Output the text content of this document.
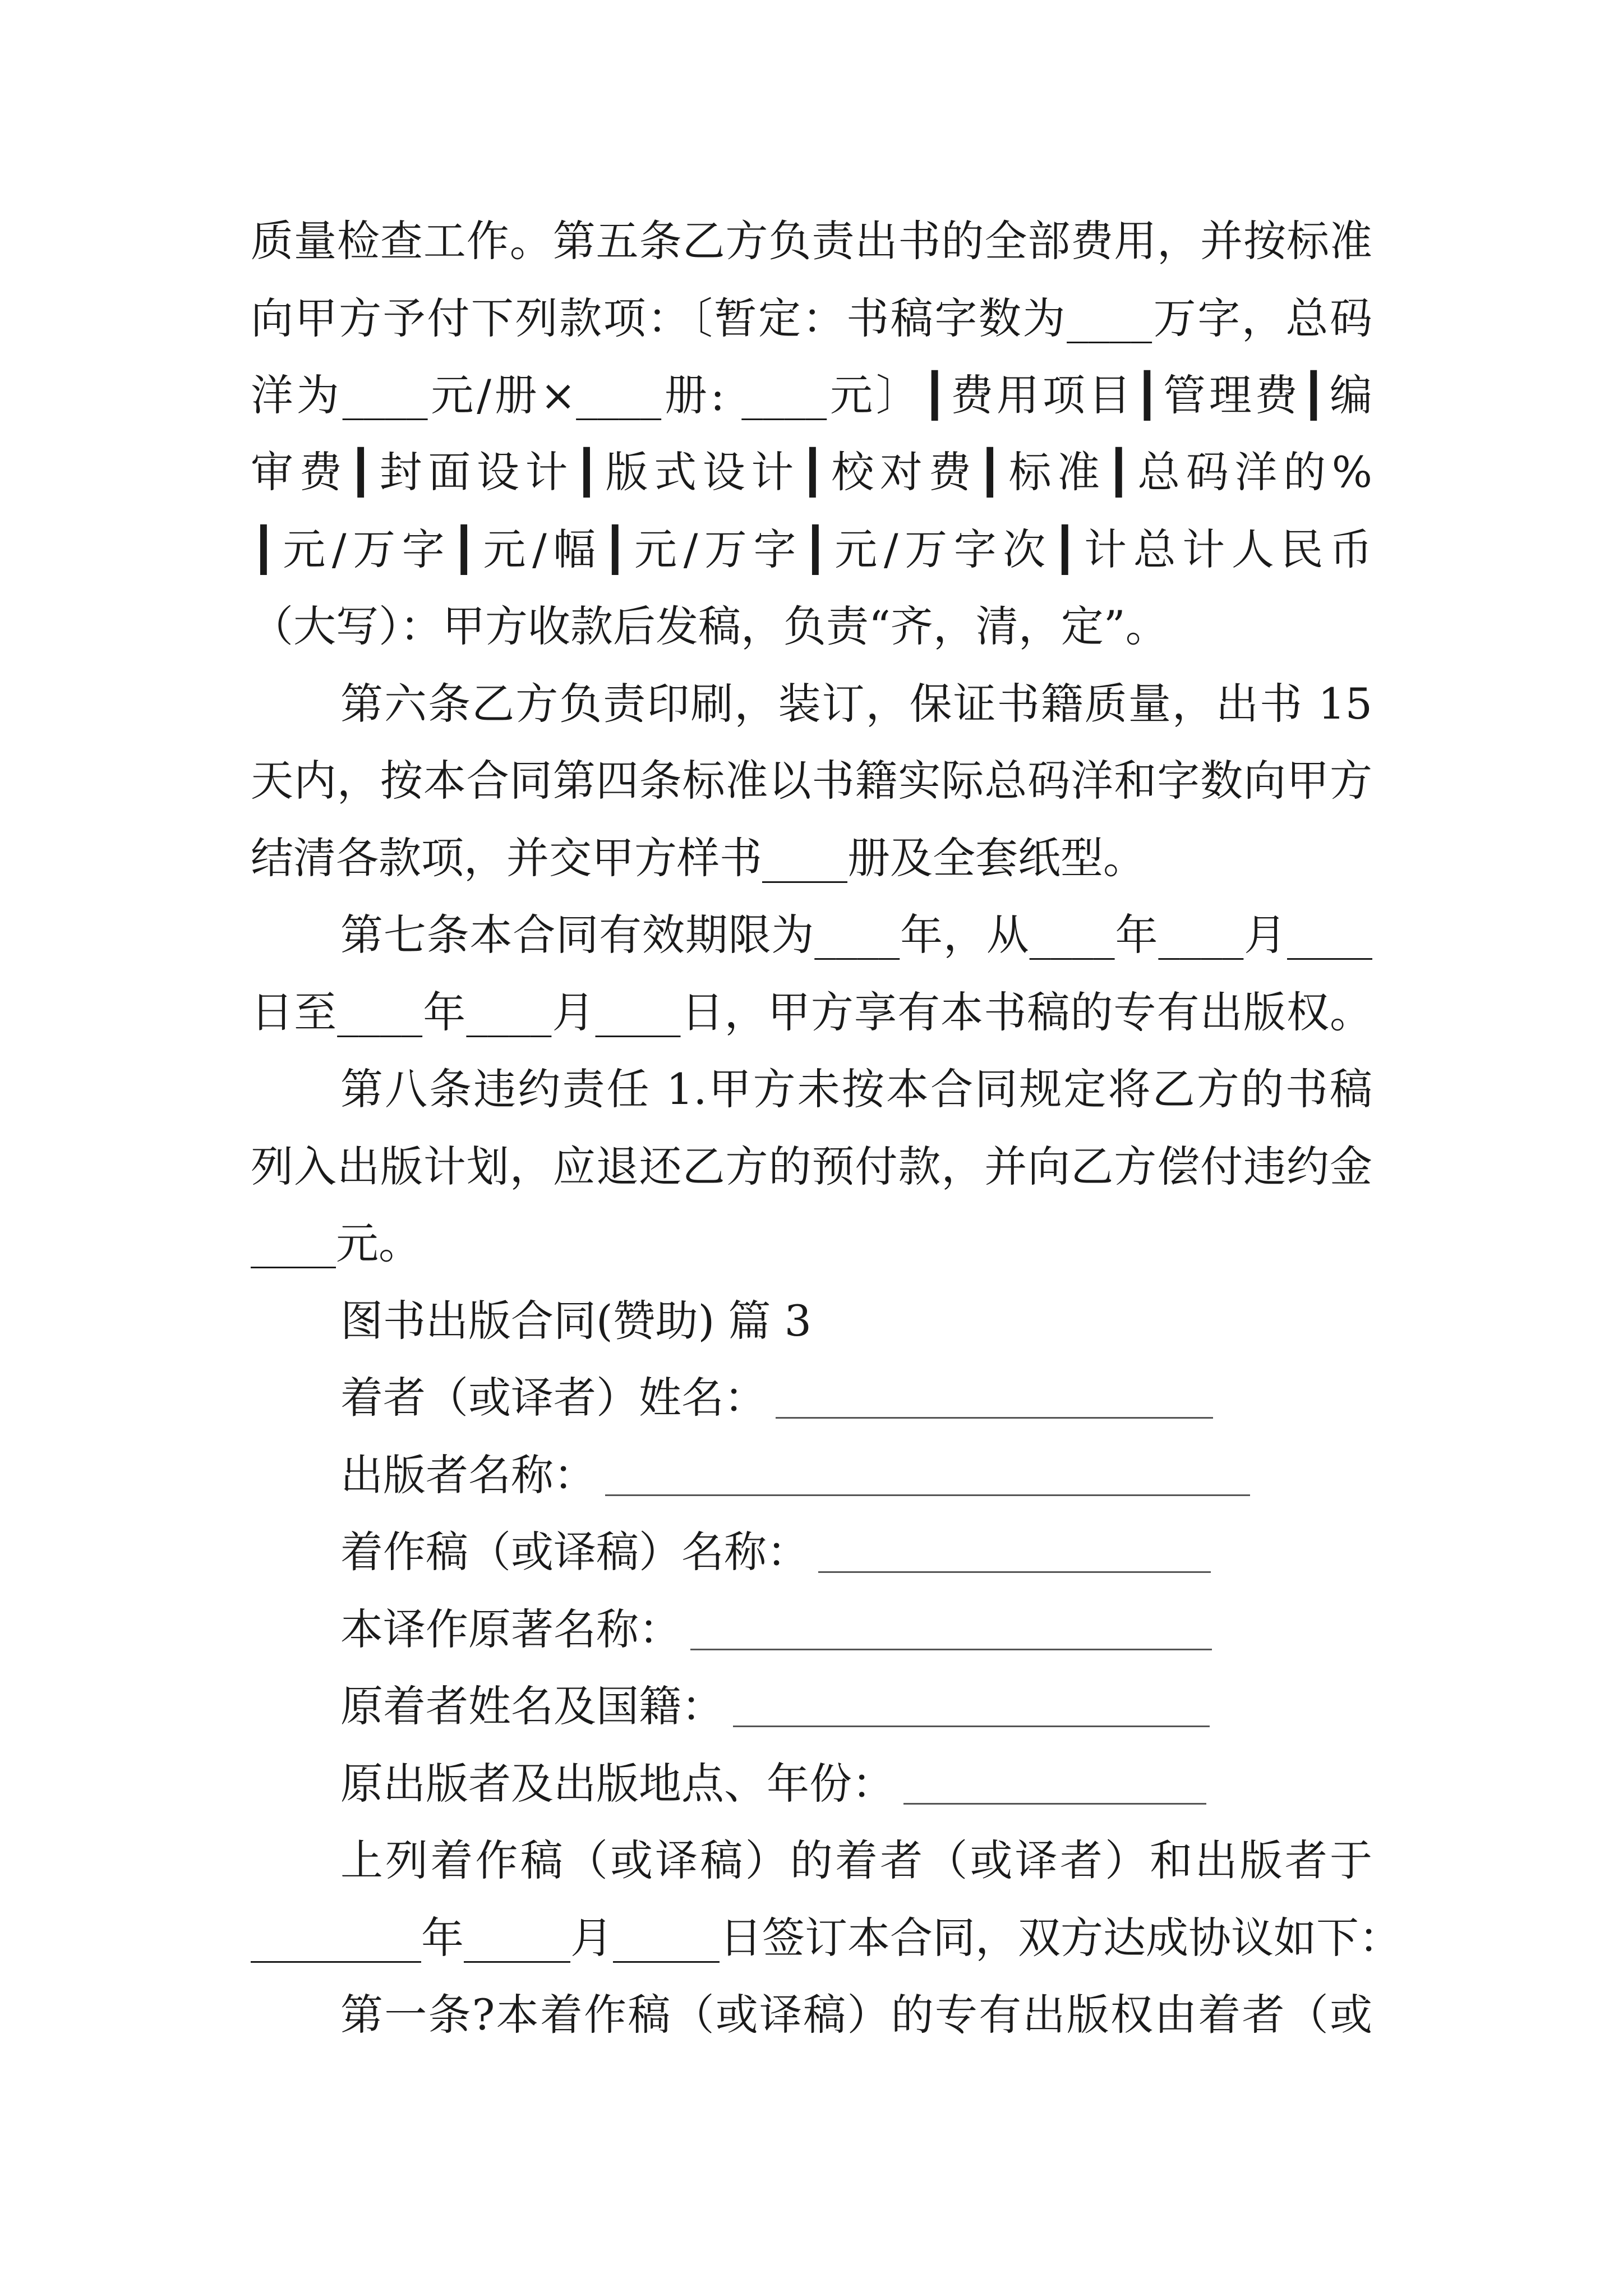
质量检查工作。第五条乙方负责出书的全部费用，并按标准
向甲方予付下列款项：〔暂定：书稿字数为____万字，总码
洋为____元/册×____册: ____元〕┃费用项目┃管理费┃编
审费┃封面设计┃版式设计┃校对费┃标准┃总码洋的%
┃元/万字┃元/幅┃元/万字┃元/万字次┃计总计人民币
（大写）：甲方收款后发稿，负责“齐，清，定”。
第六条乙方负责印刷，装订，保证书籍质量，出书 15
天内，按本合同第四条标准以书籍实际总码洋和字数向甲方
结清各款项，并交甲方样书____册及全套纸型。
第七条本合同有效期限为____年，从____年____月____
日至____年____月____日，甲方享有本书稿的专有出版权。
第八条违约责任 1.甲方未按本合同规定将乙方的书稿
列入出版计划，应退还乙方的预付款，并向乙方偿付违约金
____元。
图书出版合同(赞助) 篇 3
着者（或译者）姓名：
出版者名称：
着作稿（或译稿）名称：
本译作原著名称：
原着者姓名及国籍：
原出版者及出版地点、年份：
上列着作稿（或译稿）的着者（或译者）和出版者于
________年_____月_____日签订本合同，双方达成协议如下：
第一条?本着作稿（或译稿）的专有出版权由着者（或
